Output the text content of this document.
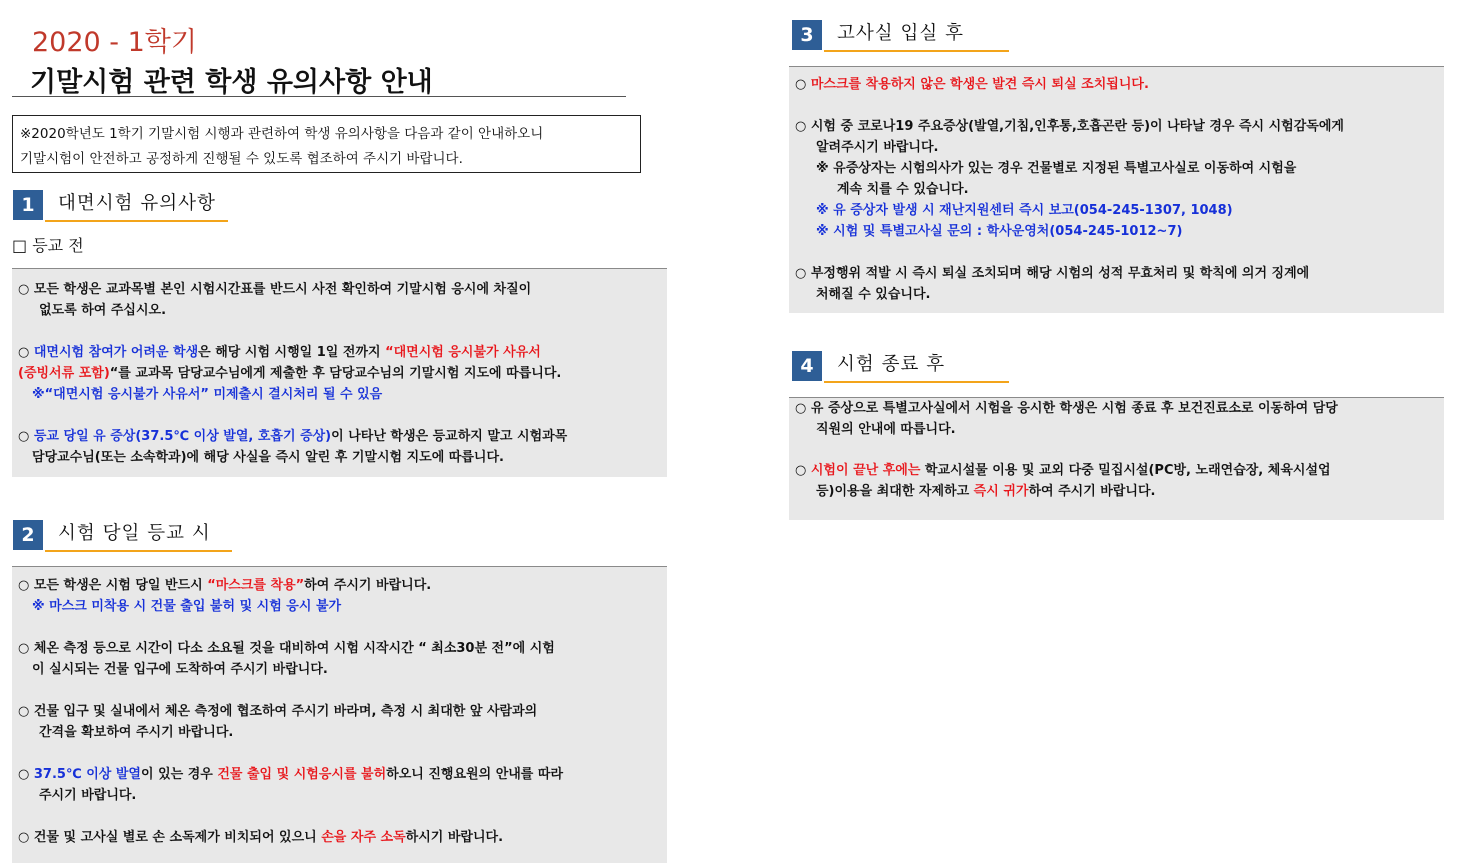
2020 - 1학기
기말시험 관련 학생 유의사항 안내

※2020학년도 1학기 기말시험 시행과 관련하여 학생 유의사항을 다음과 같이 안내하오니

기말시험이 안전하고 공정하게 진행될 수 있도록 협조하여 주시기 바랍니다.

1	대면시험 유의사항
□ 등교 전

○ 모든 학생은 교과목별 본인 시험시간표를 반드시 사전 확인하여 기말시험 응시에 차질이

없도록 하여 주십시오.

○ 대면시험 참여가 어려운 학생은 해당 시험 시행일 1일 전까지 “대면시험 응시불가 사유서

(증빙서류 포함)“를 교과목 담당교수님에게 제출한 후 담당교수님의 기말시험 지도에 따릅니다.

※“대면시험 응시불가 사유서” 미제출시 결시처리 될 수 있음

○ 등교 당일 유 증상(37.5℃ 이상 발열, 호흡기 증상)이 나타난 학생은 등교하지 말고 시험과목

담당교수님(또는 소속학과)에 해당 사실을 즉시 알린 후 기말시험 지도에 따릅니다.

2	시험 당일 등교 시

○ 모든 학생은 시험 당일 반드시 “마스크를 착용”하여 주시기 바랍니다.

※ 마스크 미착용 시 건물 출입 불허 및 시험 응시 불가

○ 체온 측정 등으로 시간이 다소 소요될 것을 대비하여 시험 시작시간 “ 최소30분 전”에 시험

이 실시되는 건물 입구에 도착하여 주시기 바랍니다.

○ 건물 입구 및 실내에서 체온 측정에 협조하여 주시기 바라며, 측정 시 최대한 앞 사람과의

간격을 확보하여 주시기 바랍니다.

○ 37.5℃ 이상 발열이 있는 경우 건물 출입 및 시험응시를 불허하오니 진행요원의 안내를 따라

주시기 바랍니다.

○ 건물 및 고사실 별로 손 소독제가 비치되어 있으니 손을 자주 소독하시기 바랍니다.

3	고사실 입실 후

○ 마스크를 착용하지 않은 학생은 발견 즉시 퇴실 조치됩니다.

○ 시험 중 코로나19 주요증상(발열,기침,인후통,호흡곤란 등)이 나타날 경우 즉시 시험감독에게

알려주시기 바랍니다.

※ 유증상자는 시험의사가 있는 경우 건물별로 지정된 특별고사실로 이동하여 시험을

계속 치를 수 있습니다.

※ 유 증상자 발생 시 재난지원센터 즉시 보고(054-245-1307, 1048)

※ 시험 및 특별고사실 문의 : 학사운영처(054-245-1012~7)

○ 부정행위 적발 시 즉시 퇴실 조치되며 해당 시험의 성적 무효처리 및 학칙에 의거 징계에

처해질 수 있습니다.

4	시험 종료 후

○ 유 증상으로 특별고사실에서 시험을 응시한 학생은 시험 종료 후 보건진료소로 이동하여 담당

직원의 안내에 따릅니다.

○ 시험이 끝난 후에는 학교시설물 이용 및 교외 다중 밀집시설(PC방, 노래연습장, 체육시설업

등)이용을 최대한 자제하고 즉시 귀가하여 주시기 바랍니다.
